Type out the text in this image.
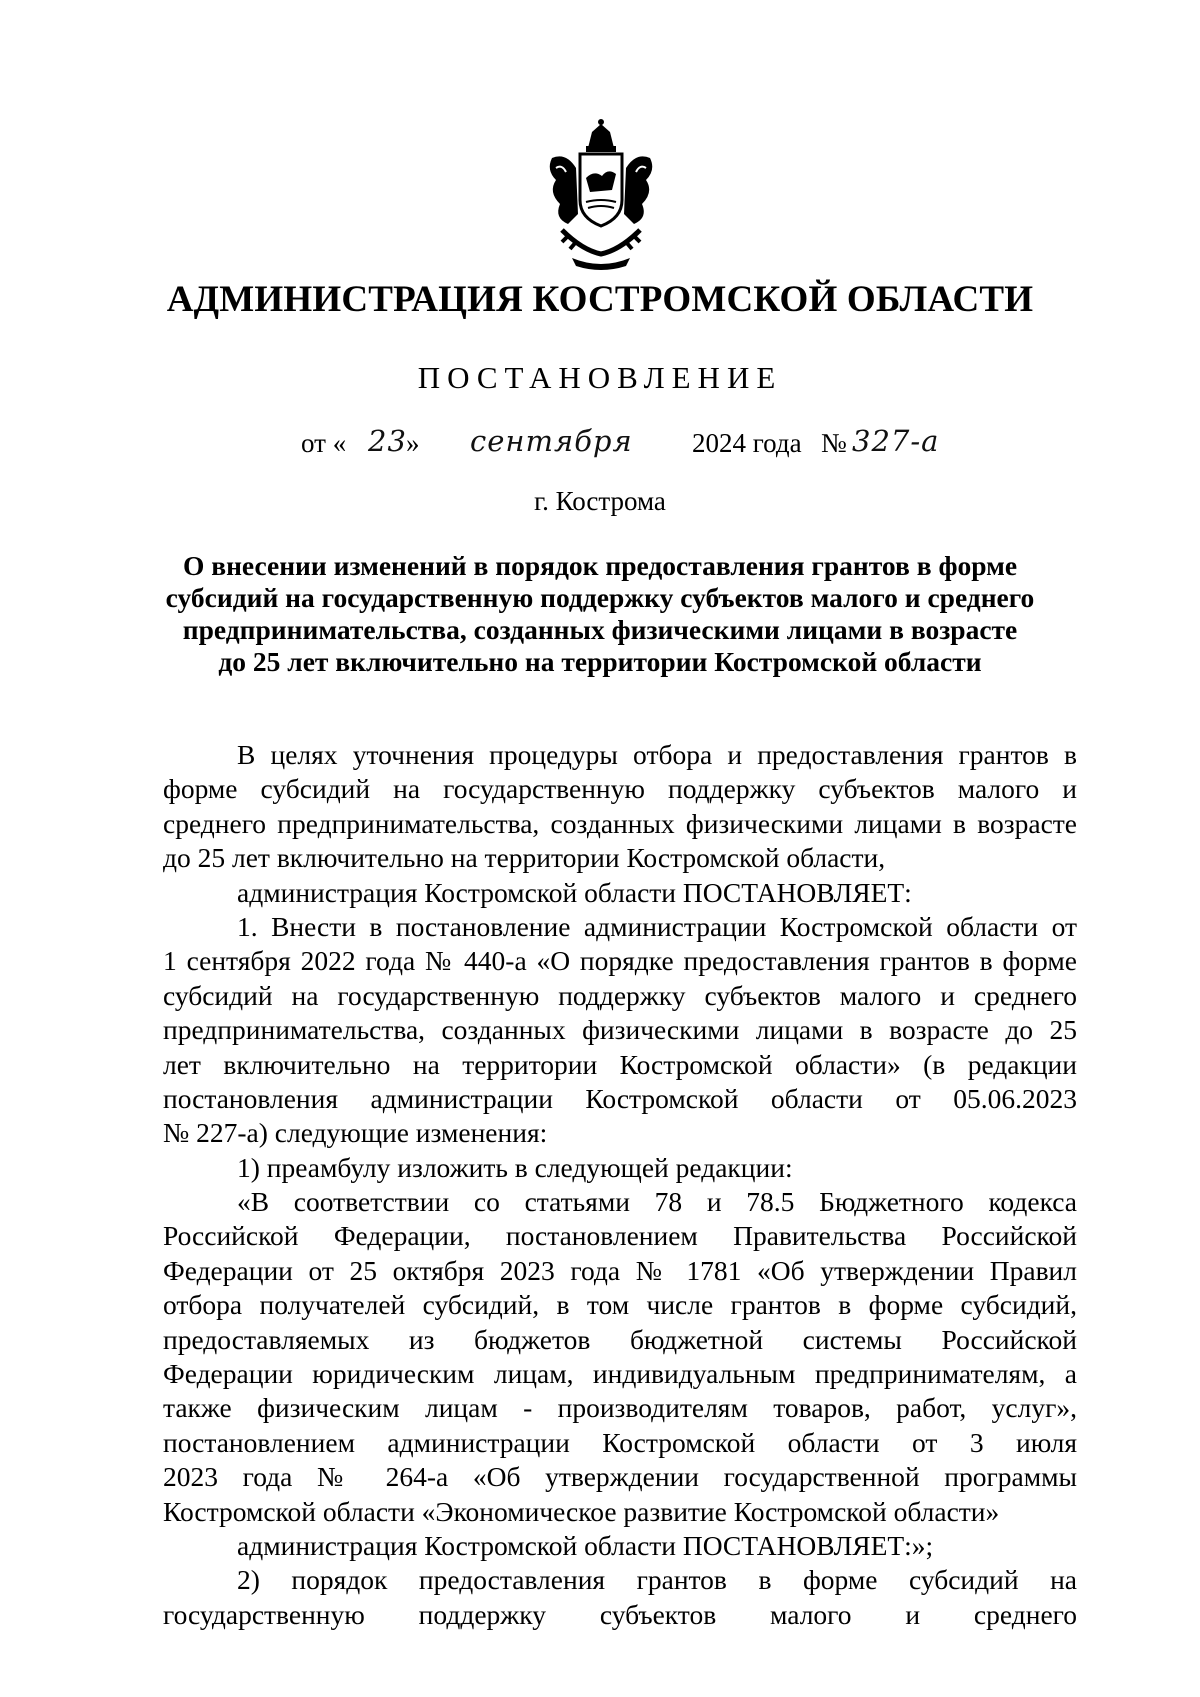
АДМИНИСТРАЦИЯ КОСТРОМСКОЙ ОБЛАСТИ
ПОСТАНОВЛЕНИЕ
от « 23 » сентября 2024 года № 327-а
г. Кострома
О внесении изменений в порядок предоставления грантов в форме
субсидий на государственную поддержку субъектов малого и среднего
предпринимательства, созданных физическими лицами в возрасте
до 25 лет включительно на территории Костромской области
В целях уточнения процедуры отбора и предоставления грантов в
форме субсидий на государственную поддержку субъектов малого и
среднего предпринимательства, созданных физическими лицами в возрасте
до 25 лет включительно на территории Костромской области,
администрация Костромской области ПОСТАНОВЛЯЕТ:
1. Внести в постановление администрации Костромской области от
1 сентября 2022 года № 440-а «О порядке предоставления грантов в форме
субсидий на государственную поддержку субъектов малого и среднего
предпринимательства, созданных физическими лицами в возрасте до 25
лет включительно на территории Костромской области» (в редакции
постановления администрации Костромской области от 05.06.2023
№ 227-а) следующие изменения:
1) преамбулу изложить в следующей редакции:
«В соответствии со статьями 78 и 78.5 Бюджетного кодекса
Российской Федерации, постановлением Правительства Российской
Федерации от 25 октября 2023 года № 1781 «Об утверждении Правил
отбора получателей субсидий, в том числе грантов в форме субсидий,
предоставляемых из бюджетов бюджетной системы Российской
Федерации юридическим лицам, индивидуальным предпринимателям, а
также физическим лицам - производителям товаров, работ, услуг»,
постановлением администрации Костромской области от 3 июля
2023 года № 264-а «Об утверждении государственной программы
Костромской области «Экономическое развитие Костромской области»
администрация Костромской области ПОСТАНОВЛЯЕТ:»;
2) порядок предоставления грантов в форме субсидий на
государственную поддержку субъектов малого и среднего
